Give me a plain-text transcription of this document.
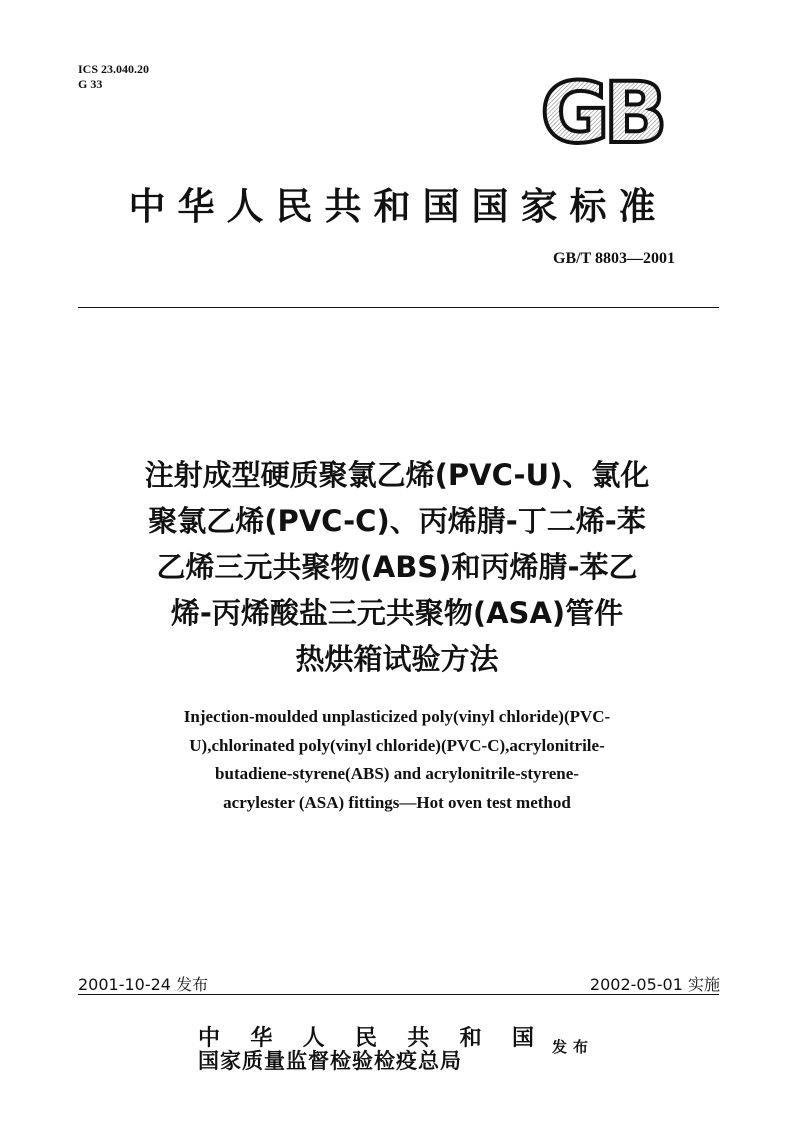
ICS 23.040.20
G 33	GB
中华人民共和国国家标准
GB/T 8803—2001
注射成型硬质聚氯乙烯(PVC-U)、氯化
聚氯乙烯(PVC-C)、丙烯腈-丁二烯-苯
乙烯三元共聚物(ABS)和丙烯腈-苯乙
烯-丙烯酸盐三元共聚物(ASA)管件
热烘箱试验方法
Injection-moulded unplasticized poly(vinyl chloride)(PVC-
U),chlorinated poly(vinyl chloride)(PVC-C),acrylonitrile-
butadiene-styrene(ABS) and acrylonitrile-styrene-
acrylester (ASA) fittings—Hot oven test method
2001-10-24 发布	2002-05-01 实施
中 华 人 民 共 和 国
国家质量监督检验检疫总局
发布
